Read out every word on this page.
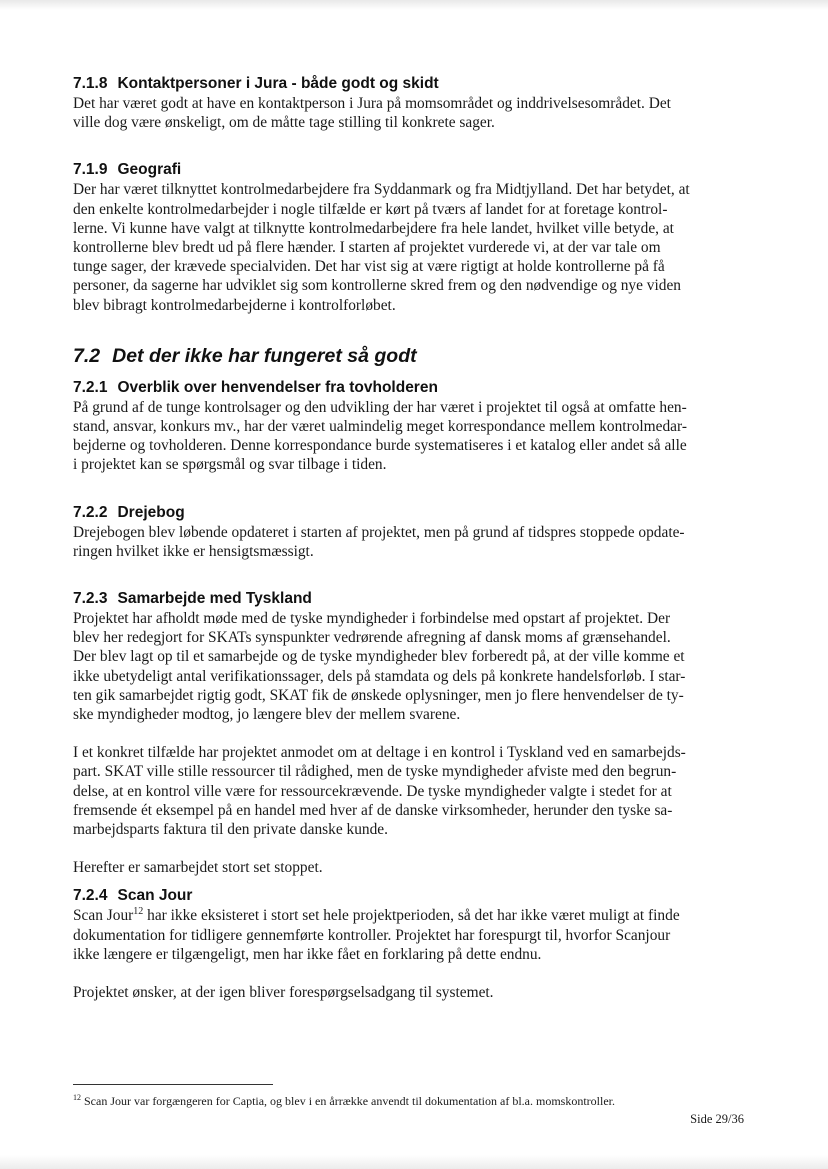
7.1.8 Kontaktpersoner i Jura - både godt og skidt
Det har været godt at have en kontaktperson i Jura på momsområdet og inddrivelsesområdet. Det
ville dog være ønskeligt, om de måtte tage stilling til konkrete sager.
7.1.9 Geografi
Der har været tilknyttet kontrolmedarbejdere fra Syddanmark og fra Midtjylland. Det har betydet, at
den enkelte kontrolmedarbejder i nogle tilfælde er kørt på tværs af landet for at foretage kontrol-
lerne. Vi kunne have valgt at tilknytte kontrolmedarbejdere fra hele landet, hvilket ville betyde, at
kontrollerne blev bredt ud på flere hænder. I starten af projektet vurderede vi, at der var tale om
tunge sager, der krævede specialviden. Det har vist sig at være rigtigt at holde kontrollerne på få
personer, da sagerne har udviklet sig som kontrollerne skred frem og den nødvendige og nye viden
blev bibragt kontrolmedarbejderne i kontrolforløbet.
7.2 Det der ikke har fungeret så godt
7.2.1 Overblik over henvendelser fra tovholderen
På grund af de tunge kontrolsager og den udvikling der har været i projektet til også at omfatte hen-
stand, ansvar, konkurs mv., har der været ualmindelig meget korrespondance mellem kontrolmedar-
bejderne og tovholderen. Denne korrespondance burde systematiseres i et katalog eller andet så alle
i projektet kan se spørgsmål og svar tilbage i tiden.
7.2.2 Drejebog
Drejebogen blev løbende opdateret i starten af projektet, men på grund af tidspres stoppede opdate-
ringen hvilket ikke er hensigtsmæssigt.
7.2.3 Samarbejde med Tyskland
Projektet har afholdt møde med de tyske myndigheder i forbindelse med opstart af projektet. Der
blev her redegjort for SKATs synspunkter vedrørende afregning af dansk moms af grænsehandel.
Der blev lagt op til et samarbejde og de tyske myndigheder blev forberedt på, at der ville komme et
ikke ubetydeligt antal verifikationssager, dels på stamdata og dels på konkrete handelsforløb. I star-
ten gik samarbejdet rigtig godt, SKAT fik de ønskede oplysninger, men jo flere henvendelser de ty-
ske myndigheder modtog, jo længere blev der mellem svarene.
I et konkret tilfælde har projektet anmodet om at deltage i en kontrol i Tyskland ved en samarbejds-
part. SKAT ville stille ressourcer til rådighed, men de tyske myndigheder afviste med den begrun-
delse, at en kontrol ville være for ressourcekrævende. De tyske myndigheder valgte i stedet for at
fremsende ét eksempel på en handel med hver af de danske virksomheder, herunder den tyske sa-
marbejdsparts faktura til den private danske kunde.
Herefter er samarbejdet stort set stoppet.
7.2.4 Scan Jour
Scan Jour$^{12}$ har ikke eksisteret i stort set hele projektperioden, så det har ikke været muligt at finde
dokumentation for tidligere gennemførte kontroller. Projektet har forespurgt til, hvorfor Scanjour
ikke længere er tilgængeligt, men har ikke fået en forklaring på dette endnu.
Projektet ønsker, at der igen bliver forespørgselsadgang til systemet.
$^{12}$ Scan Jour var forgængeren for Captia, og blev i en årrække anvendt til dokumentation af bl.a. momskontroller.
Side 29/36
